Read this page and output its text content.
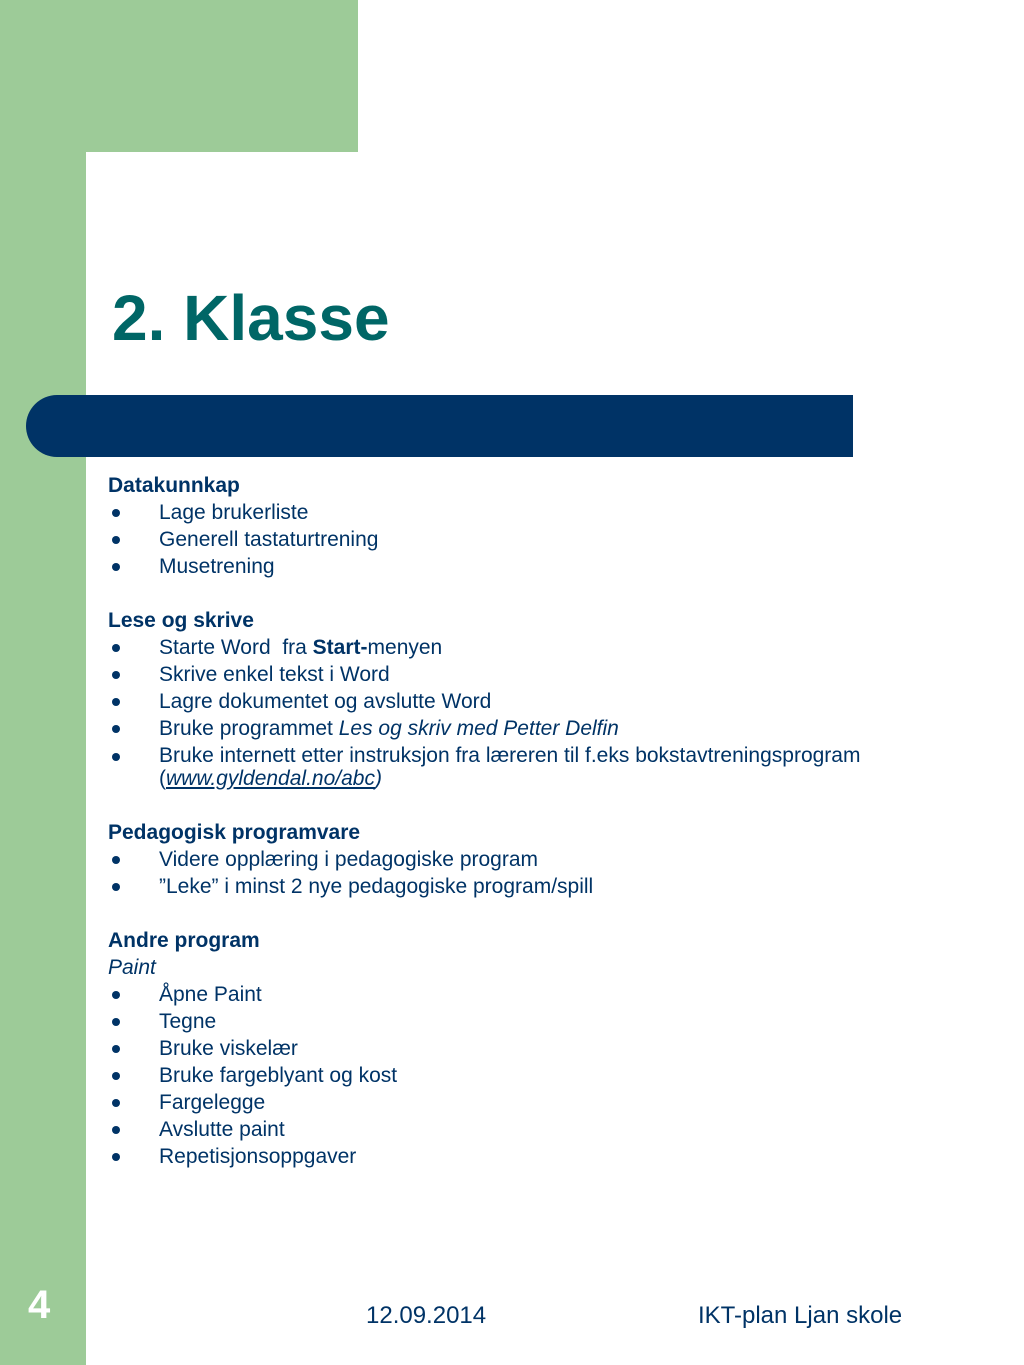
2. Klasse
Datakunnkap
Lage brukerliste
Generell tastaturtrening
Musetrening
Lese og skrive
Starte Word  fra Start-menyen
Skrive enkel tekst i Word
Lagre dokumentet og avslutte Word
Bruke programmet Les og skriv med Petter Delfin
Bruke internett etter instruksjon fra læreren til f.eks bokstavtreningsprogram
(www.gyldendal.no/abc)
Pedagogisk programvare
Videre opplæring i pedagogiske program
”Leke” i minst 2 nye pedagogiske program/spill
Andre program
Paint
Åpne Paint
Tegne
Bruke viskelær
Bruke fargeblyant og kost
Fargelegge
Avslutte paint
Repetisjonsoppgaver
4	12.09.2014	IKT-plan Ljan skole
